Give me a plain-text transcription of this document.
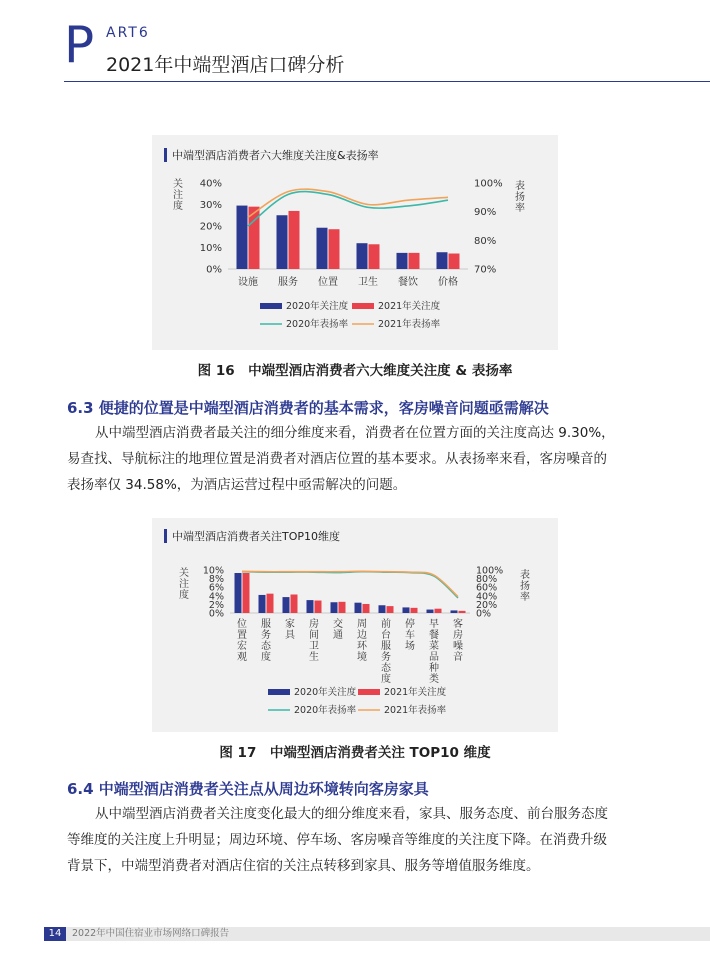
P ART6
2021年中端型酒店口碑分析
中端型酒店消费者六大维度关注度&表扬率
关
注
度
表
扬
率
40%
30%
20%
10%
0%
100%
90%
80%
70%
设施 服务 位置 卫生 餐饮 价格
2020年关注度	2021年关注度
2020年表扬率	2021年表扬率
图 16　中端型酒店消费者六大维度关注度 & 表扬率
6.3 便捷的位置是中端型酒店消费者的基本需求，客房噪音问题亟需解决
从中端型酒店消费者最关注的细分维度来看，消费者在位置方面的关注度高达 9.30%，
易查找、导航标注的地理位置是消费者对酒店位置的基本要求。从表扬率来看，客房噪音的
表扬率仅 34.58%，为酒店运营过程中亟需解决的问题。
中端型酒店消费者关注TOP10维度
关
注
度
表
扬
率
10%
8%
6%
4%
2%
0%
100%
80%
60%
40%
20%
0%
位
置
宏
观
服
务
态
度
家
具
房
间
卫
生
交
通
周
边
环
境
前
台
服
务
态
度
停
车
场
早
餐
菜
品
种
类
客
房
噪
音
2020年关注度	2021年关注度
2020年表扬率	2021年表扬率
图 17　中端型酒店消费者关注 TOP10 维度
6.4 中端型酒店消费者关注点从周边环境转向客房家具
从中端型酒店消费者关注度变化最大的细分维度来看，家具、服务态度、前台服务态度
等维度的关注度上升明显；周边环境、停车场、客房噪音等维度的关注度下降。在消费升级
背景下，中端型消费者对酒店住宿的关注点转移到家具、服务等增值服务维度。
14	2022年中国住宿业市场网络口碑报告
